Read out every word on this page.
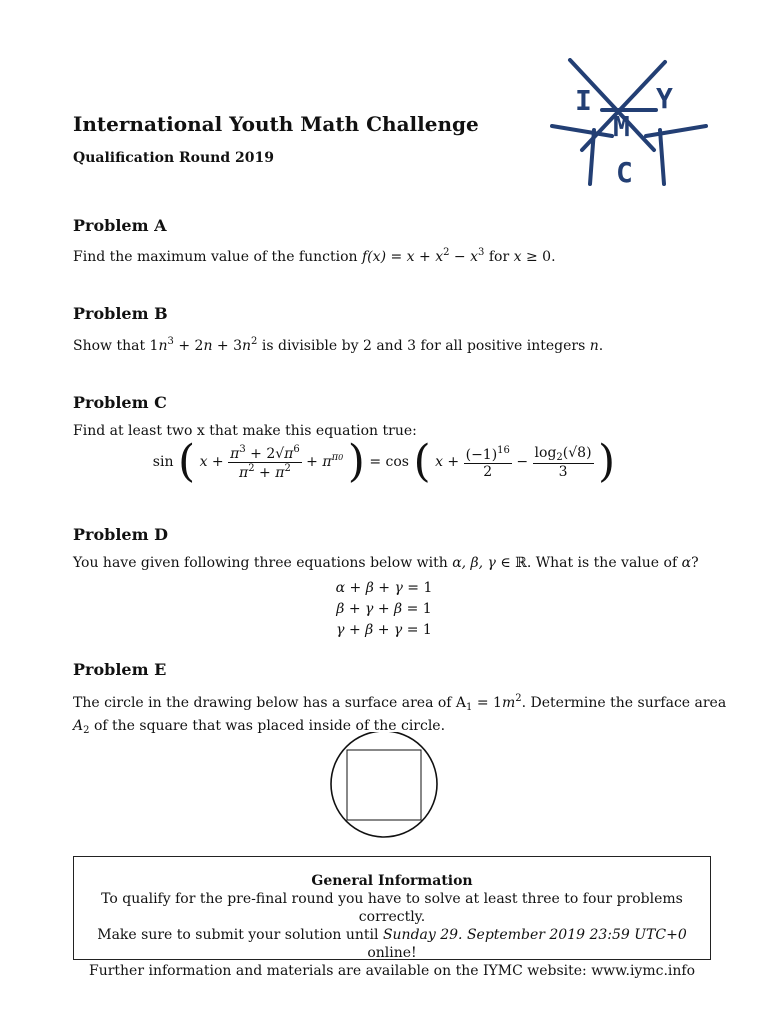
International Youth Math Challenge
Qualification Round 2019
I Y
M
C
Problem A
Find the maximum value of the function $f(x) = x + x^2 - x^3$ for x ≥ 0.
Problem B
Show that $1n^3 + 2n + 3n^2$ is divisible by 2 and 3 for all positive integers n.
Problem C
Find at least two x that make this equation true:
sin ( $x + \frac{\pi^3 + 2√\pi^6}{\pi^2 + \pi^2} + \pi^{\pi 0}$ ) = cos ( $x + \frac{(-1)^{16}}{2} - \frac{\log_2(√8)}{3}$ )
Problem D
You have given following three equations below with α, β, γ ∈ ℝ. What is the value of α?
α + β + γ = 1
β + γ + β = 1
γ + β + γ = 1
Problem E
The circle in the drawing below has a surface area of $A_1 = 1m^2$. Determine the surface area
$A_2$ of the square that was placed inside of the circle.
General Information
To qualify for the pre-final round you have to solve at least three to four problems correctly.
Make sure to submit your solution until Sunday 29. September 2019 23:59 UTC+0 online!
Further information and materials are available on the IYMC website: www.iymc.info
